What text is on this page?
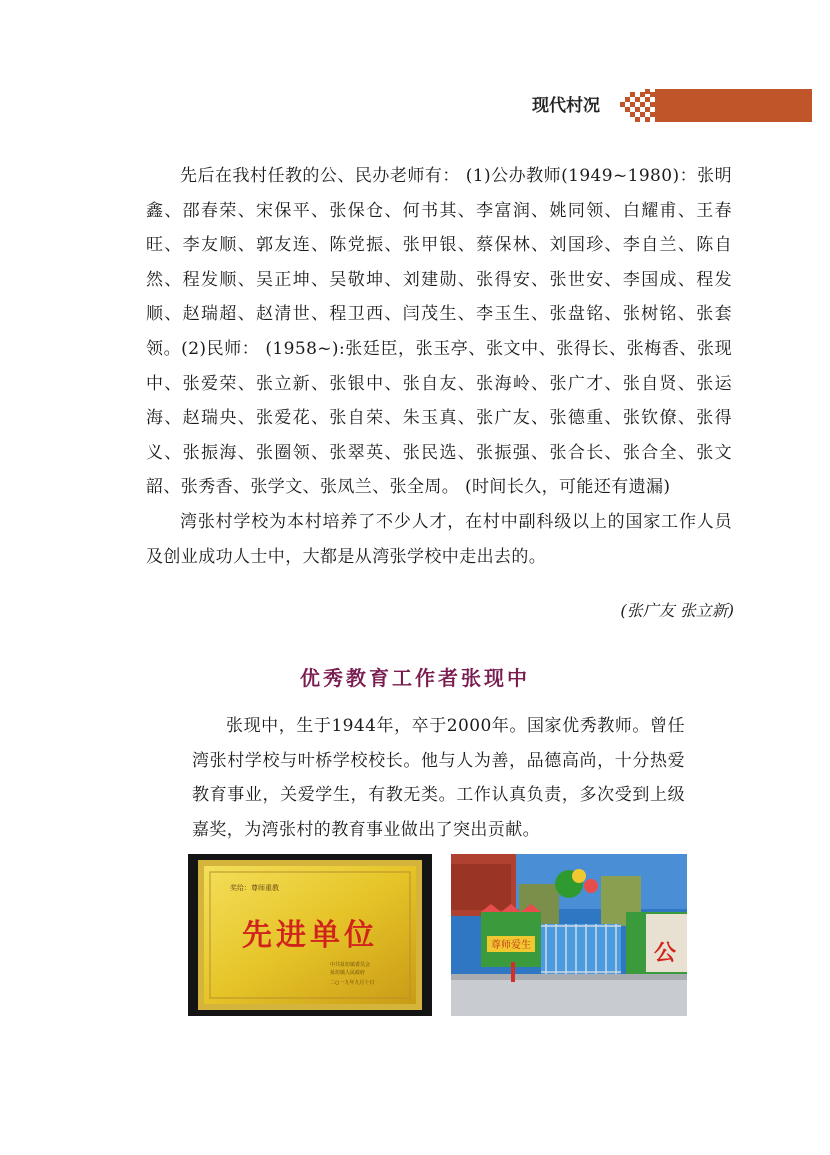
现代村况

先后在我村任教的公、民办老师有： (1)公办教师(1949~1980)：张明鑫、邵春荣、宋保平、张保仓、何书其、李富润、姚同领、白耀甫、王春旺、李友顺、郭友连、陈党振、张甲银、蔡保林、刘国珍、李自兰、陈自然、程发顺、吴正坤、吴敬坤、刘建勋、张得安、张世安、李国成、程发顺、赵瑞超、赵清世、程卫西、闫茂生、李玉生、张盘铭、张树铭、张套领。(2)民师： (1958~):张廷臣，张玉亭、张文中、张得长、张梅香、张现中、张爱荣、张立新、张银中、张自友、张海岭、张广才、张自贤、张运海、赵瑞央、张爱花、张自荣、朱玉真、张广友、张德重、张钦僚、张得义、张振海、张圈领、张翠英、张民选、张振强、张合长、张合全、张文韶、张秀香、张学文、张凤兰、张全周。 (时间长久，可能还有遗漏)

湾张村学校为本村培养了不少人才，在村中副科级以上的国家工作人员及创业成功人士中，大都是从湾张学校中走出去的。

(张广友 张立新)
优秀教育工作者张现中

张现中，生于1944年，卒于2000年。国家优秀教师。曾任湾张村学校与叶桥学校校长。他与人为善，品德高尚，十分热爱教育事业，关爱学生，有教无类。工作认真负责，多次受到上级嘉奖，为湾张村的教育事业做出了突出贡献。

奖给：尊师重教
先进单位
中共扯坊镇委员会
扯坊镇人民政府
二○一九年九月十日
尊师爱生	公
